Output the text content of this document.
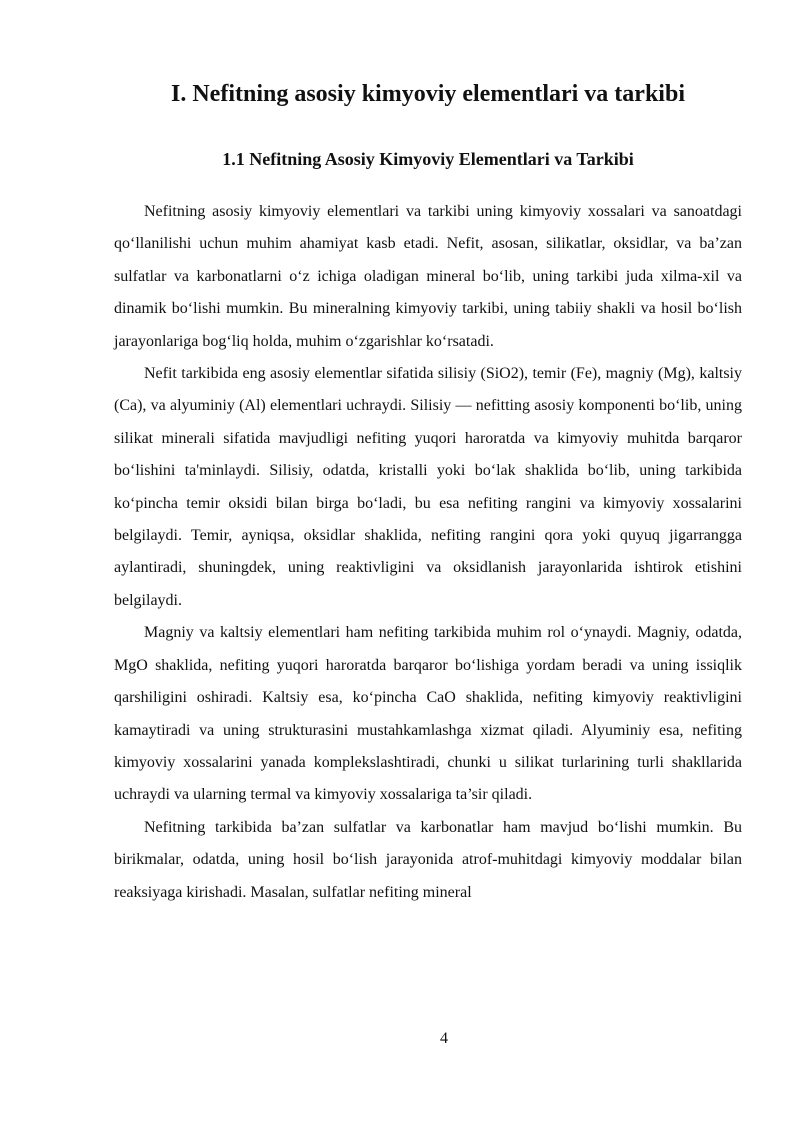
I. Nefitning asosiy kimyoviy elementlari va tarkibi
1.1 Nefitning Asosiy Kimyoviy Elementlari va Tarkibi

Nefitning asosiy kimyoviy elementlari va tarkibi uning kimyoviy xossalari va sanoatdagi qo‘llanilishi uchun muhim ahamiyat kasb etadi. Nefit, asosan, silikatlar, oksidlar, va ba’zan sulfatlar va karbonatlarni o‘z ichiga oladigan mineral bo‘lib, uning tarkibi juda xilma-xil va dinamik bo‘lishi mumkin. Bu mineralning kimyoviy tarkibi, uning tabiiy shakli va hosil bo‘lish jarayonlariga bog‘liq holda, muhim o‘zgarishlar ko‘rsatadi.

Nefit tarkibida eng asosiy elementlar sifatida silisiy (SiO2), temir (Fe), magniy (Mg), kaltsiy (Ca), va alyuminiy (Al) elementlari uchraydi. Silisiy — nefitting asosiy komponenti bo‘lib, uning silikat minerali sifatida mavjudligi nefiting yuqori haroratda va kimyoviy muhitda barqaror bo‘lishini ta'minlaydi. Silisiy, odatda, kristalli yoki bo‘lak shaklida bo‘lib, uning tarkibida ko‘pincha temir oksidi bilan birga bo‘ladi, bu esa nefiting rangini va kimyoviy xossalarini belgilaydi. Temir, ayniqsa, oksidlar shaklida, nefiting rangini qora yoki quyuq jigarrangga aylantiradi, shuningdek, uning reaktivligini va oksidlanish jarayonlarida ishtirok etishini belgilaydi.

Magniy va kaltsiy elementlari ham nefiting tarkibida muhim rol o‘ynaydi. Magniy, odatda, MgO shaklida, nefiting yuqori haroratda barqaror bo‘lishiga yordam beradi va uning issiqlik qarshiligini oshiradi. Kaltsiy esa, ko‘pincha CaO shaklida, nefiting kimyoviy reaktivligini kamaytiradi va uning strukturasini mustahkamlashga xizmat qiladi. Alyuminiy esa, nefiting kimyoviy xossalarini yanada komplekslashtiradi, chunki u silikat turlarining turli shakllarida uchraydi va ularning termal va kimyoviy xossalariga ta’sir qiladi.

Nefitning tarkibida ba’zan sulfatlar va karbonatlar ham mavjud bo‘lishi mumkin. Bu birikmalar, odatda, uning hosil bo‘lish jarayonida atrof-muhitdagi kimyoviy moddalar bilan reaksiyaga kirishadi. Masalan, sulfatlar nefiting mineral

4
